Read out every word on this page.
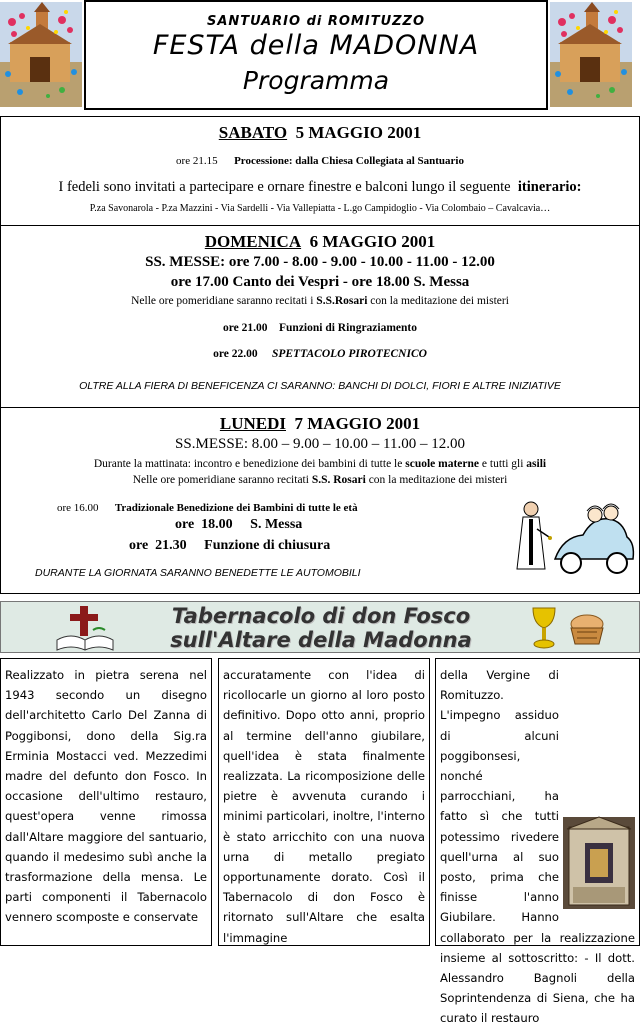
SANTUARIO di ROMITUZZO
FESTA della MADONNA
Programma
SABATO 5 MAGGIO 2001
ore 21.15 Processione: dalla Chiesa Collegiata al Santuario
I fedeli sono invitati a partecipare e ornare finestre e balconi lungo il seguente itinerario:
P.za Savonarola - P.za Mazzini - Via Sardelli - Via Vallepiatta - L.go Campidoglio - Via Colombaio – Cavalcavia…
DOMENICA 6 MAGGIO 2001
SS. MESSE: ore 7.00 - 8.00 - 9.00 - 10.00 - 11.00 - 12.00
ore 17.00 Canto dei Vespri - ore 18.00 S. Messa
Nelle ore pomeridiane saranno recitati i S.S.Rosari con la meditazione dei misteri
ore 21.00 Funzioni di Ringraziamento
ore 22.00 SPETTACOLO PIROTECNICO
OLTRE ALLA FIERA DI BENEFICENZA CI SARANNO: BANCHI DI DOLCI, FIORI E ALTRE INIZIATIVE
LUNEDI 7 MAGGIO 2001
SS.MESSE: 8.00 – 9.00 – 10.00 – 11.00 – 12.00
Durante la mattinata: incontro e benedizione dei bambini di tutte le scuole materne e tutti gli asili
Nelle ore pomeridiane saranno recitati S.S. Rosari con la meditazione dei misteri
ore 16.00 Tradizionale Benedizione dei Bambini di tutte le età
ore  18.00     S. Messa
ore  21.30     Funzione di chiusura
DURANTE LA GIORNATA SARANNO BENEDETTE LE AUTOMOBILI
Tabernacolo di don Fosco
sull'Altare della Madonna

Realizzato in pietra serena nel 1943 secondo un disegno dell'architetto Carlo Del Zanna di Poggibonsi, dono della Sig.ra Erminia Mostacci ved. Mezzedimi madre del defunto don Fosco. In occasione dell'ultimo restauro, quest'opera venne rimossa dall'Altare maggiore del santuario, quando il medesimo subì anche la trasformazione della mensa. Le parti componenti il Tabernacolo vennero scomposte e conservate

accuratamente con l'idea di ricollocarle un giorno al loro posto definitivo. Dopo otto anni, proprio al termine dell'anno giubilare, quell'idea è stata finalmente realizzata. La ricomposizione delle pietre è avvenuta curando i minimi particolari, inoltre, l'interno è stato arricchito con una nuova urna di metallo pregiato opportunamente dorato. Così il Tabernacolo di don Fosco è ritornato sull'Altare che esalta l'immagine

della Vergine di Romituzzo. L'impegno assiduo di alcuni poggibonsesi, nonché parrocchiani, ha fatto sì che tutti potessimo rivedere quell'urna al suo posto, prima che finisse l'anno Giubilare. Hanno collaborato per la realizzazione insieme al sottoscritto: - Il dott. Alessandro Bagnoli della Soprintendenza di Siena, che ha curato il restauro
